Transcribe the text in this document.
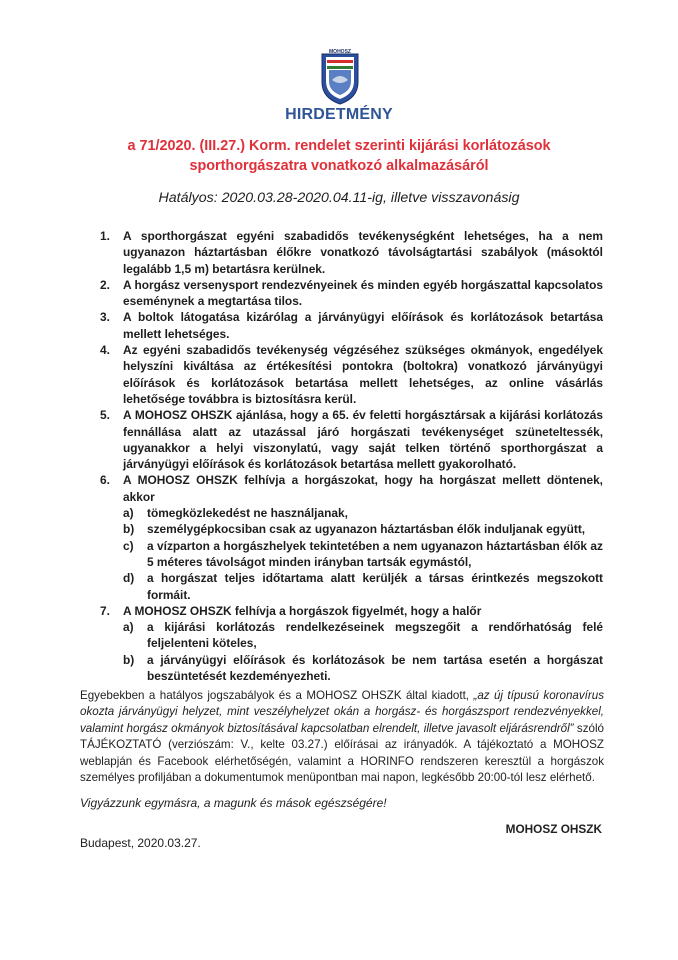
MOHOSZ
HIRDETMÉNY
a 71/2020. (III.27.) Korm. rendelet szerinti kijárási korlátozások
sporthorgászatra vonatkozó alkalmazásáról
Hatályos: 2020.03.28-2020.04.11-ig, illetve visszavonásig
1. A sporthorgászat egyéni szabadidős tevékenységként lehetséges, ha a nem ugyanazon háztartásban élőkre vonatkozó távolságtartási szabályok (másoktól legalább 1,5 m) betartásra kerülnek.
2. A horgász versenysport rendezvényeinek és minden egyéb horgászattal kapcsolatos eseménynek a megtartása tilos.
3. A boltok látogatása kizárólag a járványügyi előírások és korlátozások betartása mellett lehetséges.
4. Az egyéni szabadidős tevékenység végzéséhez szükséges okmányok, engedélyek helyszíni kiváltása az értékesítési pontokra (boltokra) vonatkozó járványügyi előírások és korlátozások betartása mellett lehetséges, az online vásárlás lehetősége továbbra is biztosításra kerül.
5. A MOHOSZ OHSZK ajánlása, hogy a 65. év feletti horgásztársak a kijárási korlátozás fennállása alatt az utazással járó horgászati tevékenységet szüneteltessék, ugyanakkor a helyi viszonylatú, vagy saját telken történő sporthorgászat a járványügyi előírások és korlátozások betartása mellett gyakorolható.
6. A MOHOSZ OHSZK felhívja a horgászokat, hogy ha horgászat mellett döntenek, akkor
a) tömegközlekedést ne használjanak,
b) személygépkocsiban csak az ugyanazon háztartásban élők induljanak együtt,
c) a vízparton a horgászhelyek tekintetében a nem ugyanazon háztartásban élők az 5 méteres távolságot minden irányban tartsák egymástól,
d) a horgászat teljes időtartama alatt kerüljék a társas érintkezés megszokott formáit.
7. A MOHOSZ OHSZK felhívja a horgászok figyelmét, hogy a halőr
a) a kijárási korlátozás rendelkezéseinek megszegőit a rendőrhatóság felé feljelenteni köteles,
b) a járványügyi előírások és korlátozások be nem tartása esetén a horgászat beszüntetését kezdeményezheti.
Egyebekben a hatályos jogszabályok és a MOHOSZ OHSZK által kiadott, „az új típusú koronavírus okozta járványügyi helyzet, mint veszélyhelyzet okán a horgász- és horgászsport rendezvényekkel, valamint horgász okmányok biztosításával kapcsolatban elrendelt, illetve javasolt eljárásrendről” szóló TÁJÉKOZTATÓ (verziószám: V., kelte 03.27.) előírásai az irányadók. A tájékoztató a MOHOSZ weblapján és Facebook elérhetőségén, valamint a HORINFO rendszeren keresztül a horgászok személyes profiljában a dokumentumok menüpontban mai napon, legkésőbb 20:00-tól lesz elérhető.
Vigyázzunk egymásra, a magunk és mások egészségére!
MOHOSZ OHSZK
Budapest, 2020.03.27.
